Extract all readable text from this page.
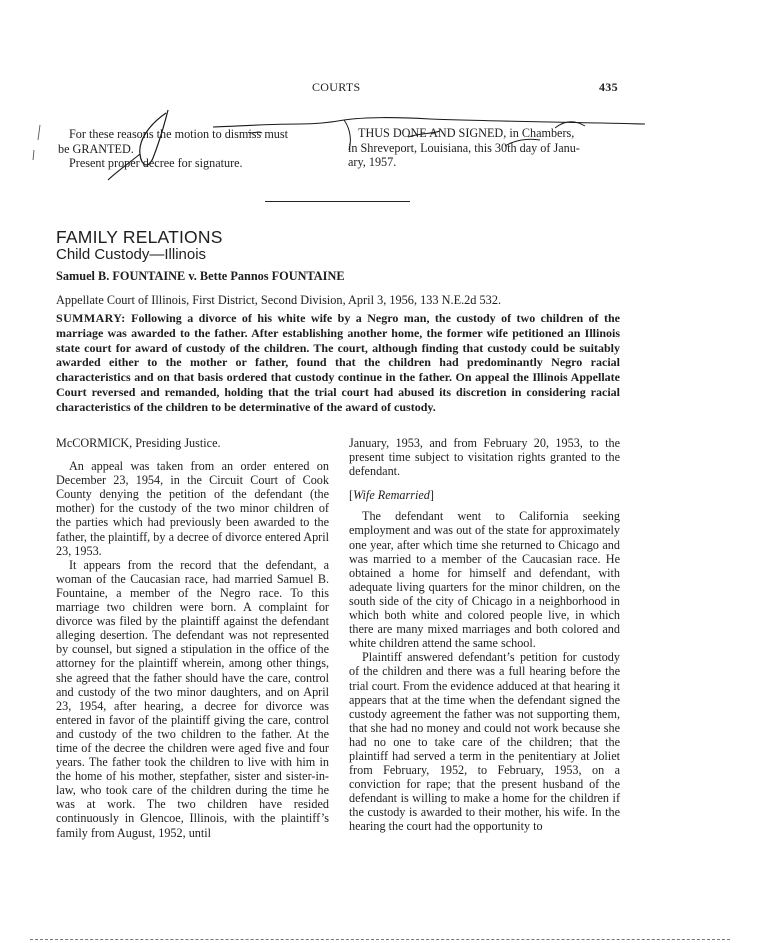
COURTS	435
For these reasons the motion to dismiss must
be GRANTED.
Present proper decree for signature.
THUS DONE AND SIGNED, in Chambers,
in Shreveport, Louisiana, this 30th day of Janu-
ary, 1957.
FAMILY RELATIONS
Child Custody—Illinois
Samuel B. FOUNTAINE v. Bette Pannos FOUNTAINE
Appellate Court of Illinois, First District, Second Division, April 3, 1956, 133 N.E.2d 532.
SUMMARY: Following a divorce of his white wife by a Negro man, the custody of two children of the marriage was awarded to the father. After establishing another home, the former wife petitioned an Illinois state court for award of custody of the children. The court, although finding that custody could be suitably awarded either to the mother or father, found that the children had predominantly Negro racial characteristics and on that basis ordered that custody continue in the father. On appeal the Illinois Appellate Court reversed and remanded, holding that the trial court had abused its discretion in considering racial characteristics of the children to be determinative of the award of custody.

McCORMICK, Presiding Justice.

An appeal was taken from an order entered on December 23, 1954, in the Circuit Court of Cook County denying the petition of the defendant (the mother) for the custody of the two minor children of the parties which had previously been awarded to the father, the plaintiff, by a decree of divorce entered April 23, 1953.

It appears from the record that the defendant, a woman of the Caucasian race, had married Samuel B. Fountaine, a member of the Negro race. To this marriage two children were born. A complaint for divorce was filed by the plaintiff against the defendant alleging desertion. The defendant was not represented by counsel, but signed a stipulation in the office of the attorney for the plaintiff wherein, among other things, she agreed that the father should have the care, control and custody of the two minor daughters, and on April 23, 1954, after hearing, a decree for divorce was entered in favor of the plaintiff giving the care, control and custody of the two children to the father. At the time of the decree the children were aged five and four years. The father took the children to live with him in the home of his mother, stepfather, sister and sister-in-law, who took care of the children during the time he was at work. The two children have resided continuously in Glencoe, Illinois, with the plaintiff’s family from August, 1952, until

January, 1953, and from February 20, 1953, to the present time subject to visitation rights granted to the defendant.

[Wife Remarried]

The defendant went to California seeking employment and was out of the state for approximately one year, after which time she returned to Chicago and was married to a member of the Caucasian race. He obtained a home for himself and defendant, with adequate living quarters for the minor children, on the south side of the city of Chicago in a neighborhood in which both white and colored people live, in which there are many mixed marriages and both colored and white children attend the same school.

Plaintiff answered defendant’s petition for custody of the children and there was a full hearing before the trial court. From the evidence adduced at that hearing it appears that at the time when the defendant signed the custody agreement the father was not supporting them, that she had no money and could not work because she had no one to take care of the children; that the plaintiff had served a term in the penitentiary at Joliet from February, 1952, to February, 1953, on a conviction for rape; that the present husband of the defendant is willing to make a home for the children if the custody is awarded to their mother, his wife. In the hearing the court had the opportunity to
